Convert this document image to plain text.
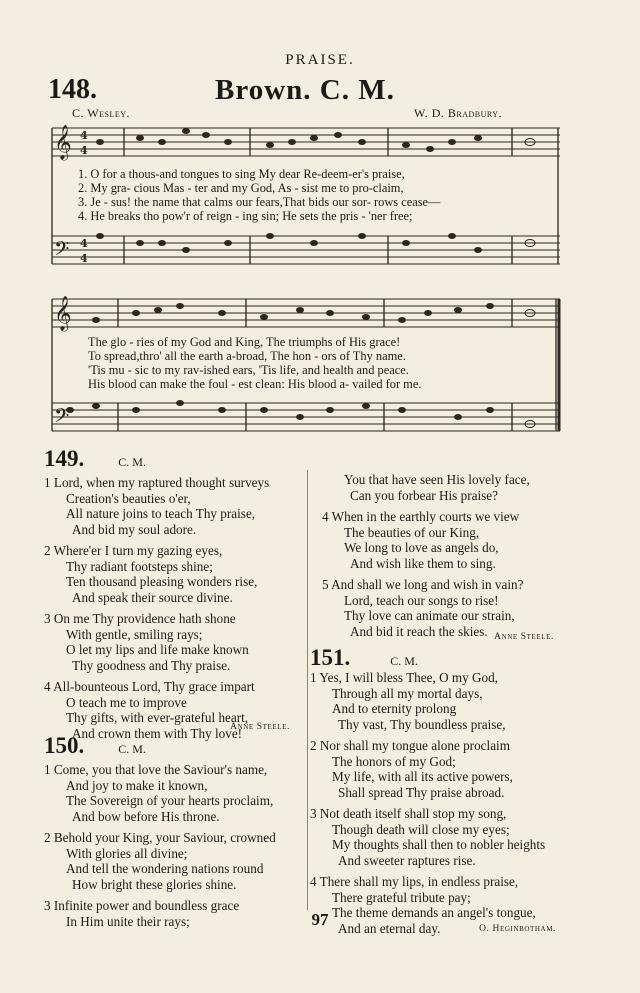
𝄞
𝄢
𝄞
𝄢
4
4
4
4
PRAISE.
148.	Brown. C. M.
C. Wesley.	W. D. Bradbury.
1. O for a thous-and tongues to sing My dear Re-deem-er's praise,
2. My gra- cious Mas - ter and my God, As - sist me to pro-claim,
3. Je - sus! the name that calms our fears,That bids our sor- rows cease—
4. He breaks tho pow'r of reign - ing sin; He sets the pris - 'ner free;
The glo - ries of my God and King, The triumphs of His grace!
To spread,thro' all the earth a-broad, The hon - ors of Thy name.
'Tis mu - sic to my rav-ished ears, 'Tis life, and health and peace.
His blood can make the foul - est clean: His blood a- vailed for me.
149.	C. M.
1 Lord, when my raptured thought surveys
Creation's beauties o'er,
All nature joins to teach Thy praise,
And bid my soul adore.
2 Where'er I turn my gazing eyes,
Thy radiant footsteps shine;
Ten thousand pleasing wonders rise,
And speak their source divine.
3 On me Thy providence hath shone
With gentle, smiling rays;
O let my lips and life make known
Thy goodness and Thy praise.
4 All-bounteous Lord, Thy grace impart
O teach me to improve
Thy gifts, with ever-grateful heart,
And crown them with Thy love!
Anne Steele.
150.	C. M.
1 Come, you that love the Saviour's name,
And joy to make it known,
The Sovereign of your hearts proclaim,
And bow before His throne.
2 Behold your King, your Saviour, crowned
With glories all divine;
And tell the wondering nations round
How bright these glories shine.
3 Infinite power and boundless grace
In Him unite their rays;
You that have seen His lovely face,
Can you forbear His praise?
4 When in the earthly courts we view
The beauties of our King,
We long to love as angels do,
And wish like them to sing.
5 And shall we long and wish in vain?
Lord, teach our songs to rise!
Thy love can animate our strain,
And bid it reach the skies. Anne Steele.
151.	C. M.
1 Yes, I will bless Thee, O my God,
Through all my mortal days,
And to eternity prolong
Thy vast, Thy boundless praise,
2 Nor shall my tongue alone proclaim
The honors of my God;
My life, with all its active powers,
Shall spread Thy praise abroad.
3 Not death itself shall stop my song,
Though death will close my eyes;
My thoughts shall then to nobler heights
And sweeter raptures rise.
4 There shall my lips, in endless praise,
There grateful tribute pay;
The theme demands an angel's tongue,
And an eternal day.	O. Heginbotham.
97
